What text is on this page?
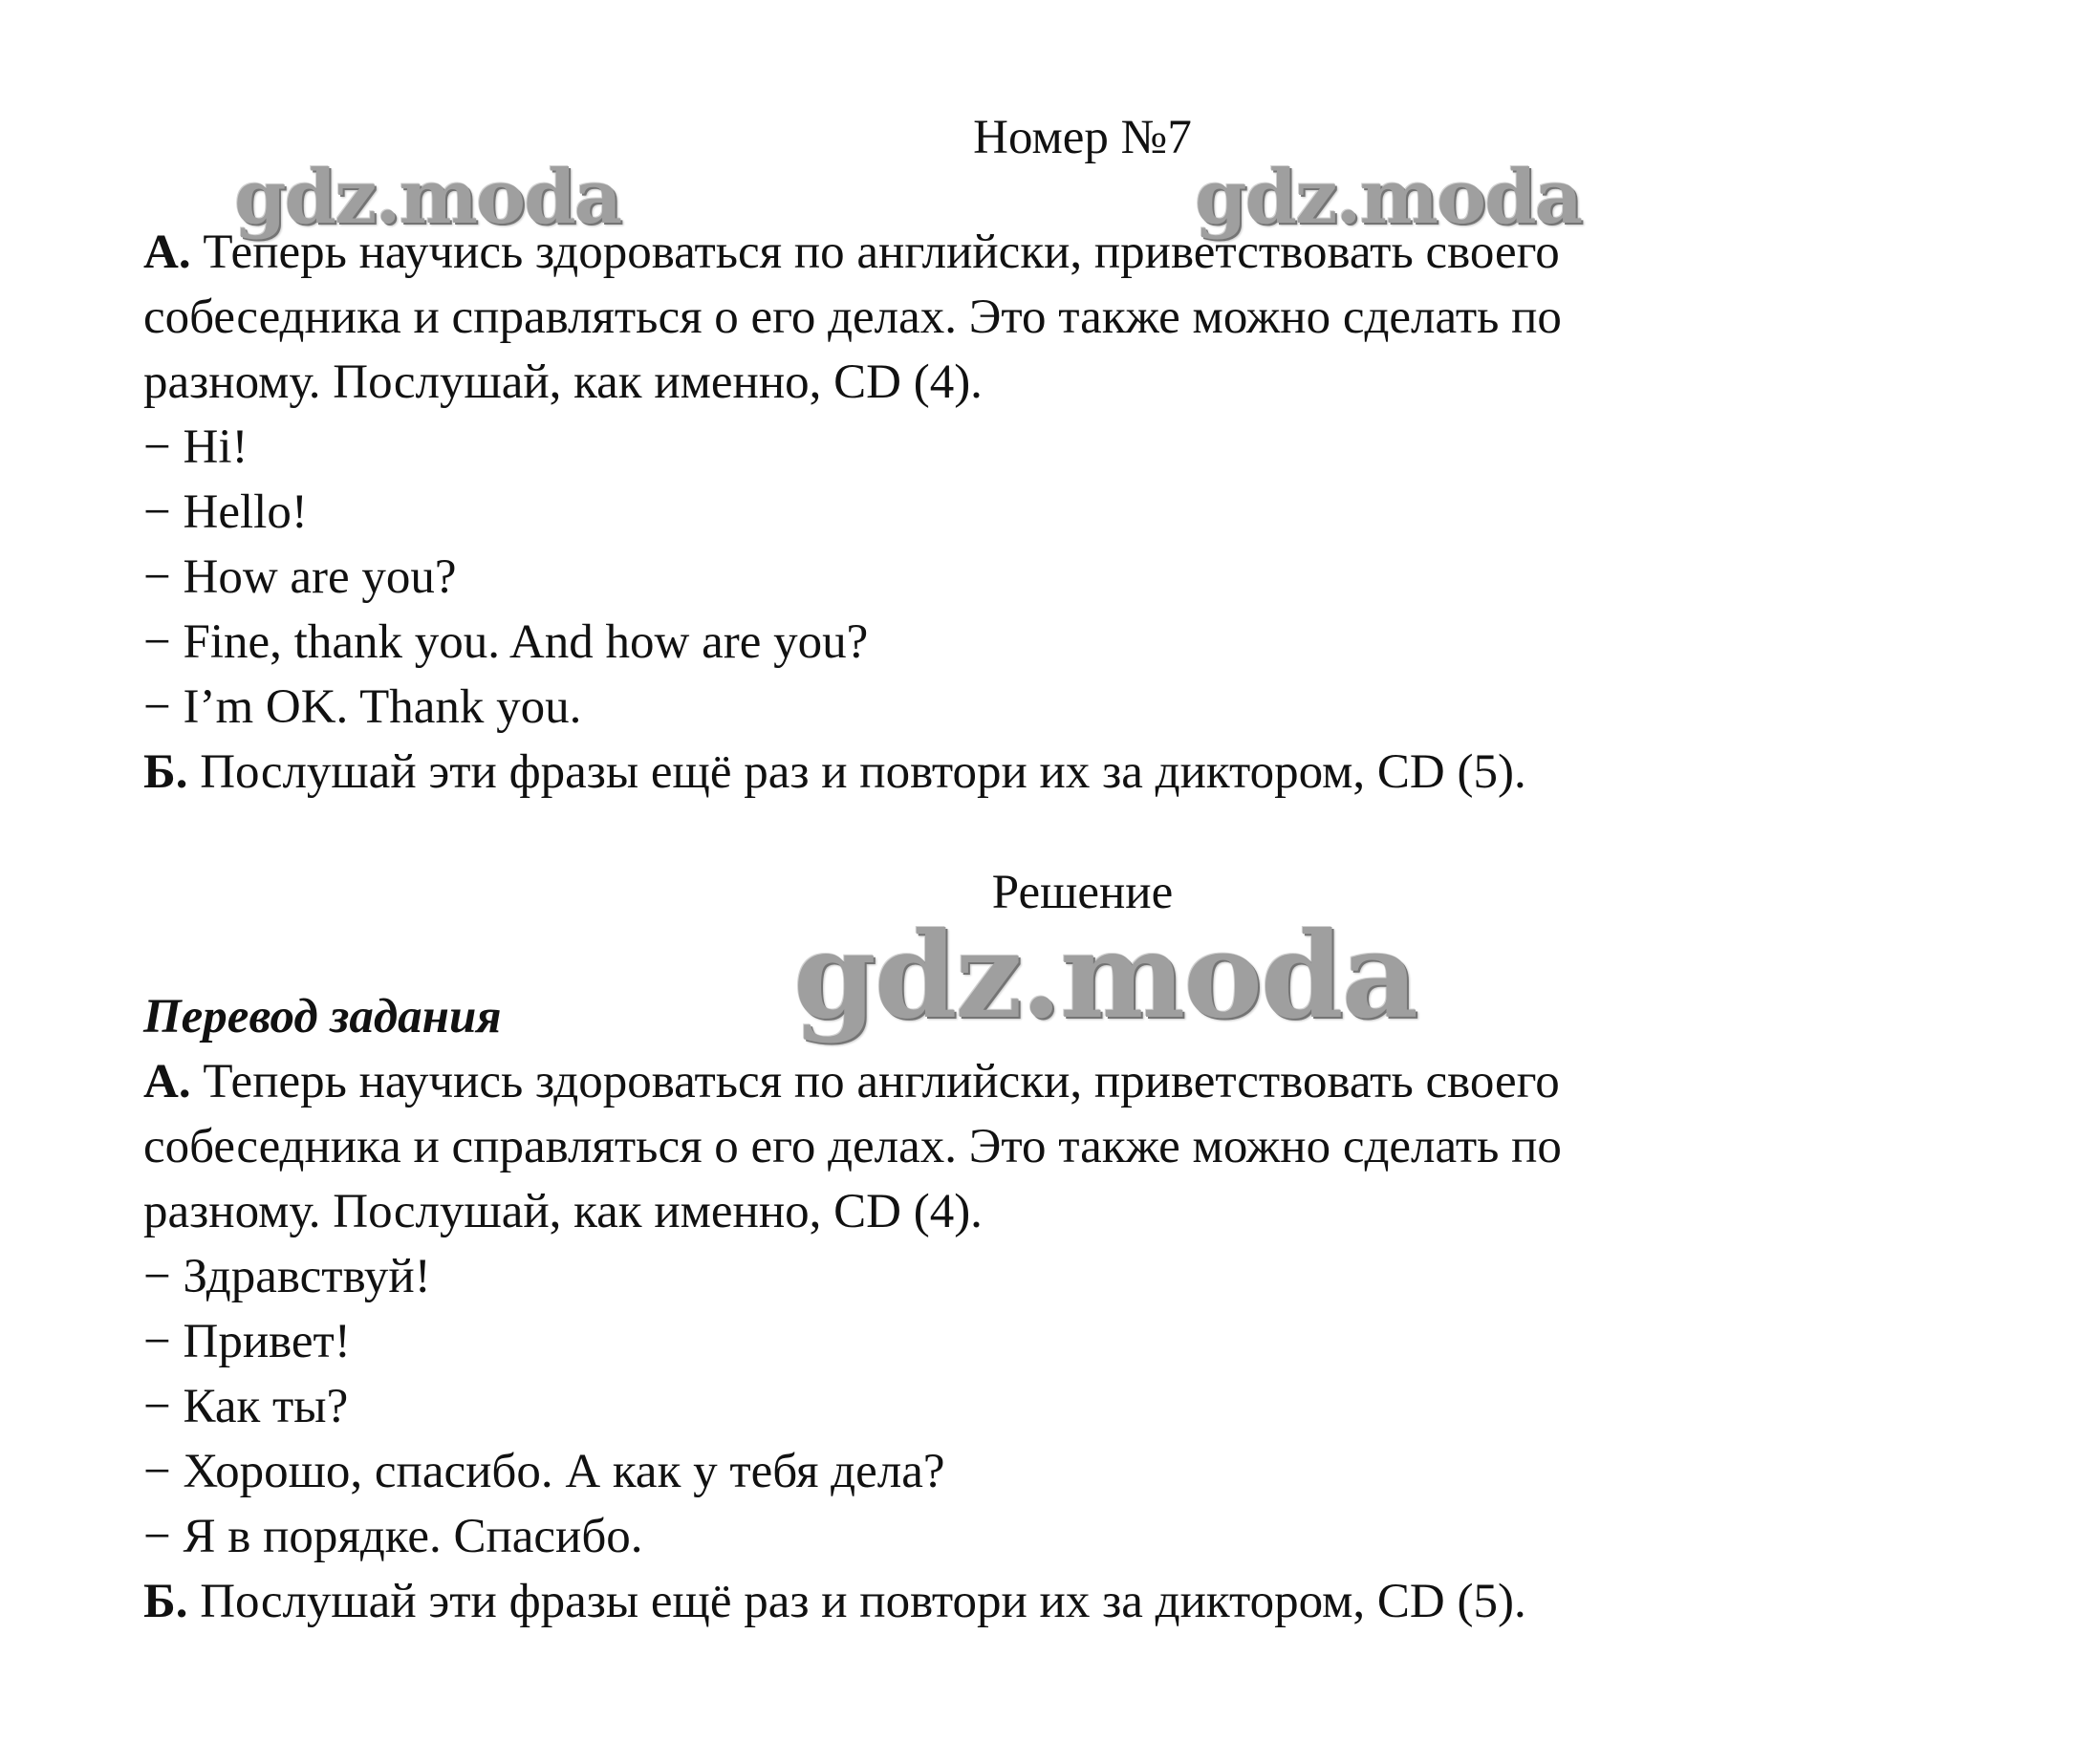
Номер №7
gdz.moda	gdz.moda
А. Теперь научись здороваться по английски, приветствовать своего
собеседника и справляться о его делах. Это также можно сделать по
разному. Послушай, как именно, CD (4).
− Hi!
− Hello!
− How are you?
− Fine, thank you. And how are you?
− I’m OK. Thank you.
Б. Послушай эти фразы ещё раз и повтори их за диктором, CD (5).
Решение
gdz.moda
Перевод задания
А. Теперь научись здороваться по английски, приветствовать своего
собеседника и справляться о его делах. Это также можно сделать по
разному. Послушай, как именно, CD (4).
− Здравствуй!
− Привет!
− Как ты?
− Хорошо, спасибо. А как у тебя дела?
− Я в порядке. Спасибо.
Б. Послушай эти фразы ещё раз и повтори их за диктором, CD (5).
